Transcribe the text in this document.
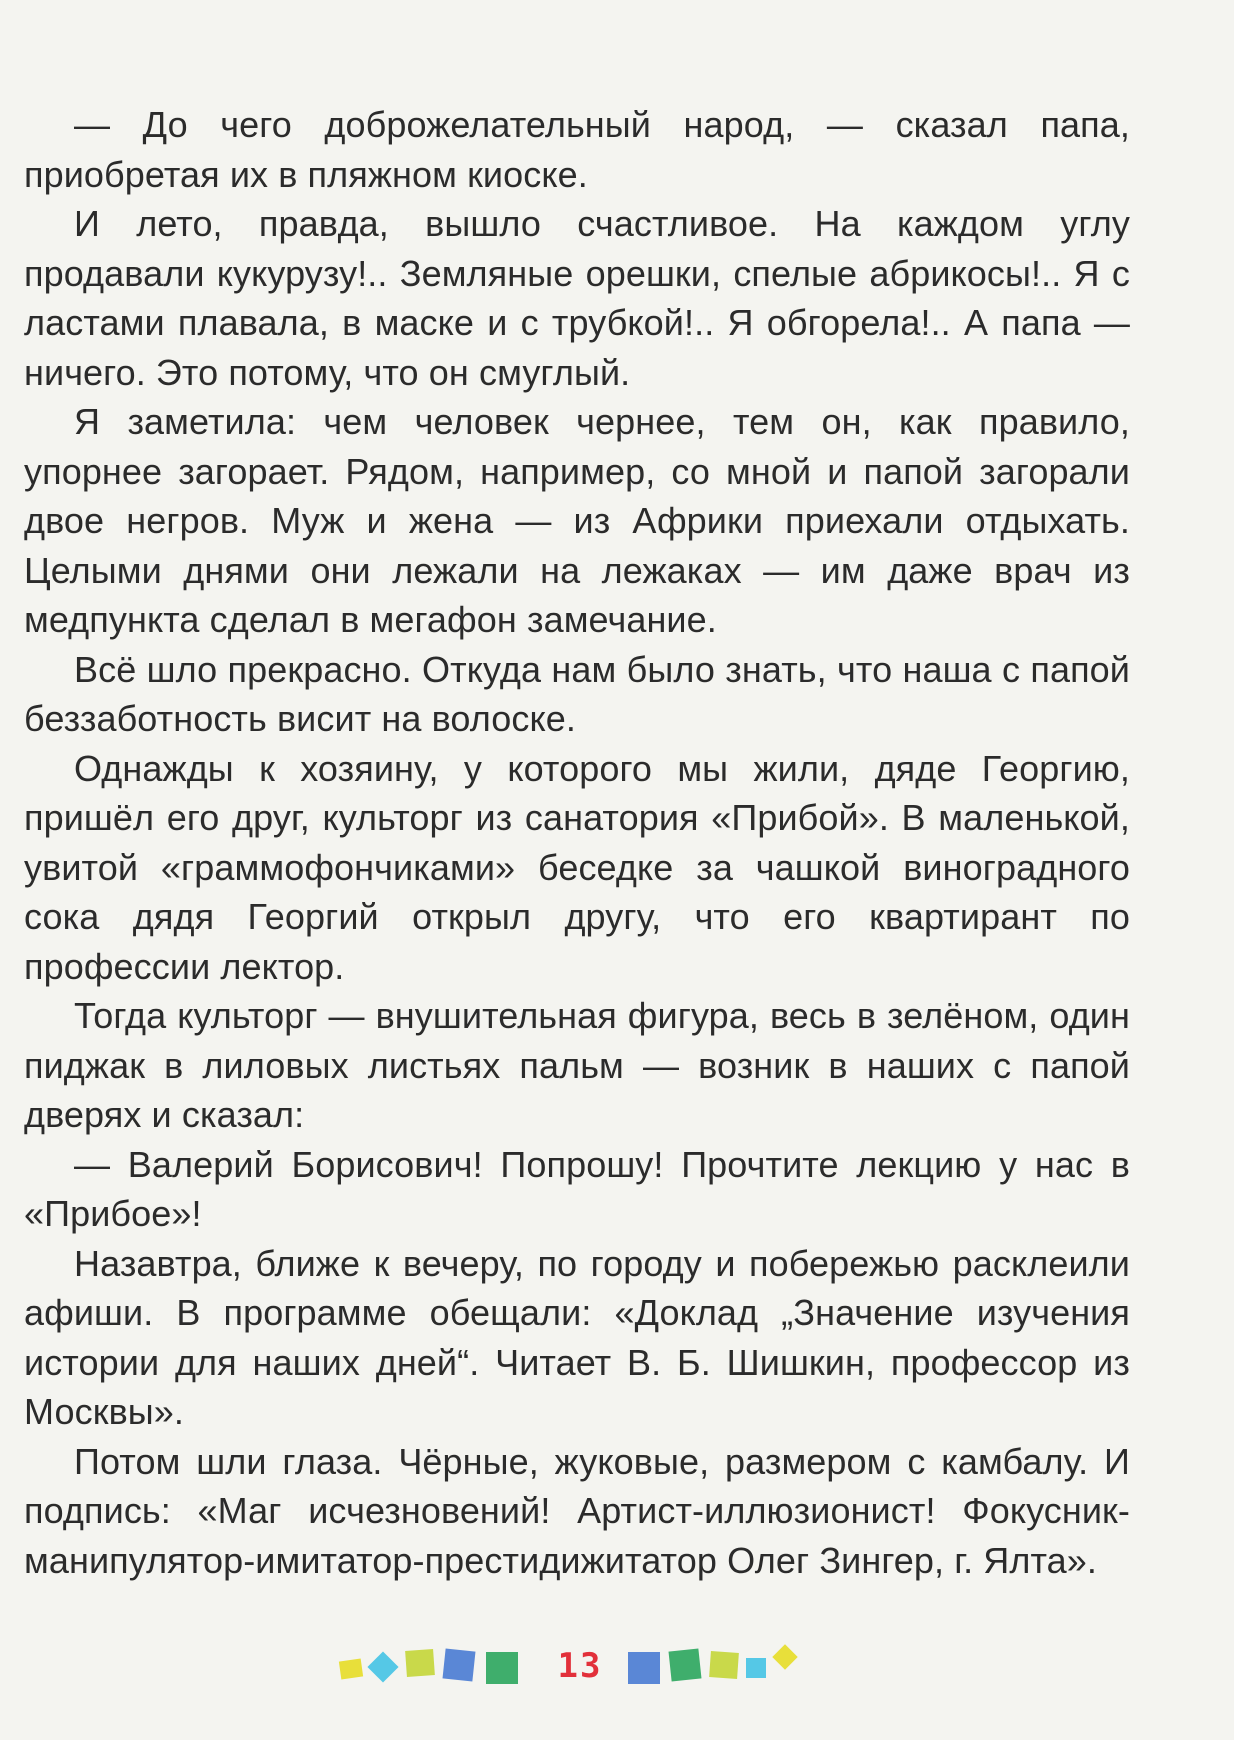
— До чего доброжелательный народ, — сказал папа, приобретая их в пляжном киоске.

И лето, правда, вышло счастливое. На каждом углу продавали кукурузу!.. Земляные орешки, спелые абрикосы!.. Я с ластами плавала, в маске и с трубкой!.. Я обгорела!.. А папа — ничего. Это потому, что он смуглый.

Я заметила: чем человек чернее, тем он, как правило, упорнее загорает. Рядом, например, со мной и папой загорали двое негров. Муж и жена — из Африки приехали отдыхать. Целыми днями они лежали на лежаках — им даже врач из медпункта сделал в мегафон замечание.

Всё шло прекрасно. Откуда нам было знать, что наша с папой беззаботность висит на волоске.

Однажды к хозяину, у которого мы жили, дяде Георгию, пришёл его друг, культорг из санатория «Прибой». В маленькой, увитой «граммофончиками» беседке за чашкой виноградного сока дядя Георгий открыл другу, что его квартирант по профессии лектор.

Тогда культорг — внушительная фигура, весь в зелёном, один пиджак в лиловых листьях пальм — возник в наших с папой дверях и сказал:

— Валерий Борисович! Попрошу! Прочтите лекцию у нас в «Прибое»!

Назавтра, ближе к вечеру, по городу и побережью расклеили афиши. В программе обещали: «Доклад „Значение изучения истории для наших дней“. Читает В. Б. Шишкин, профессор из Москвы».

Потом шли глаза. Чёрные, жуковые, размером с камбалу. И подпись: «Маг исчезновений! Артист-иллюзионист! Фокусник-манипулятор-имитатор-престидижитатор Олег Зингер, г. Ялта».

13
